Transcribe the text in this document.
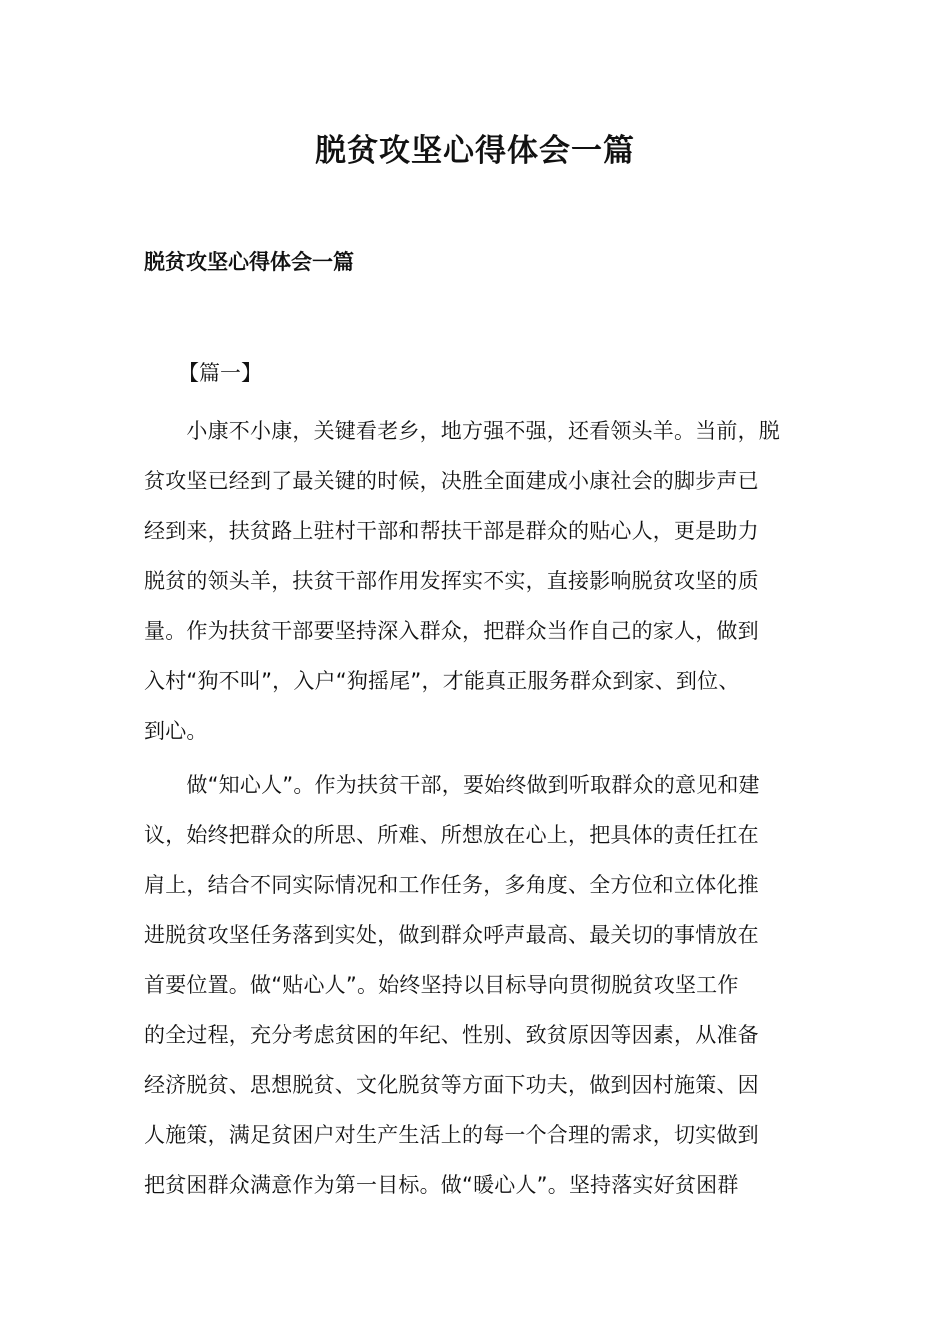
脱贫攻坚心得体会一篇
脱贫攻坚心得体会一篇
【篇一】

　　小康不小康，关键看老乡，地方强不强，还看领头羊。当前，脱
贫攻坚已经到了最关键的时候，决胜全面建成小康社会的脚步声已
经到来，扶贫路上驻村干部和帮扶干部是群众的贴心人，更是助力
脱贫的领头羊，扶贫干部作用发挥实不实，直接影响脱贫攻坚的质
量。作为扶贫干部要坚持深入群众，把群众当作自己的家人，做到
入村“狗不叫”，入户“狗摇尾”，才能真正服务群众到家、到位、
到心。

　　做“知心人”。作为扶贫干部，要始终做到听取群众的意见和建
议，始终把群众的所思、所难、所想放在心上，把具体的责任扛在
肩上，结合不同实际情况和工作任务，多角度、全方位和立体化推
进脱贫攻坚任务落到实处，做到群众呼声最高、最关切的事情放在
首要位置。做“贴心人”。始终坚持以目标导向贯彻脱贫攻坚工作
的全过程，充分考虑贫困的年纪、性别、致贫原因等因素，从准备
经济脱贫、思想脱贫、文化脱贫等方面下功夫，做到因村施策、因
人施策，满足贫困户对生产生活上的每一个合理的需求，切实做到
把贫困群众满意作为第一目标。做“暖心人”。坚持落实好贫困群
